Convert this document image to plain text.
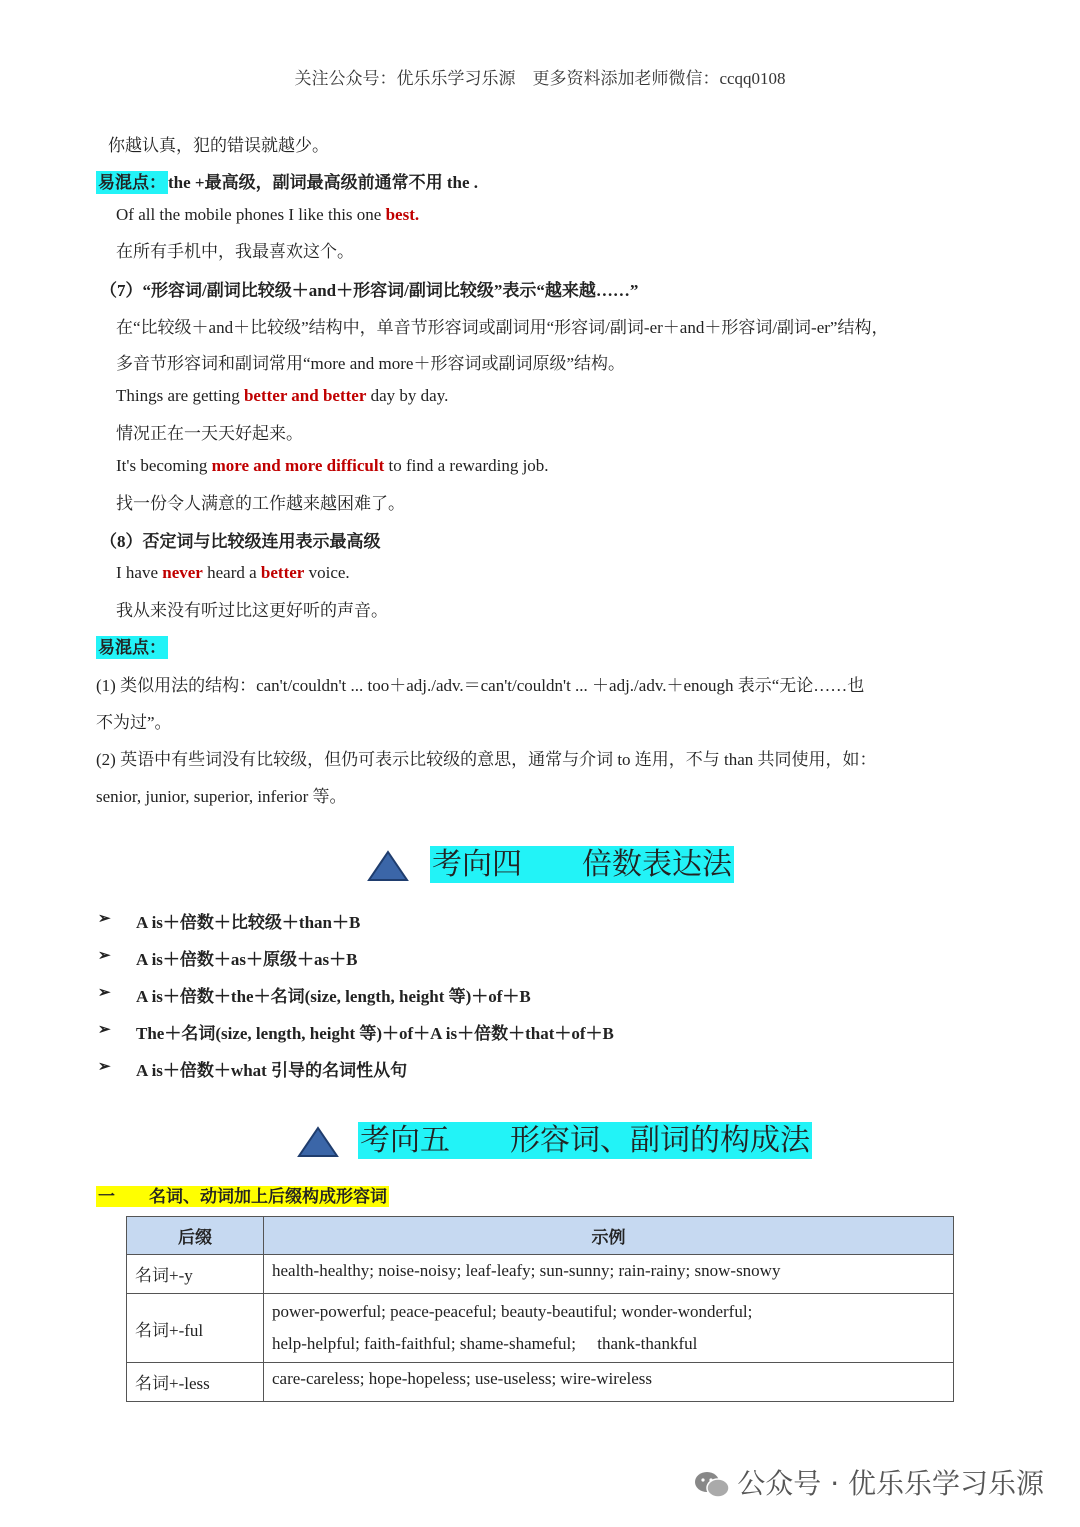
关注公众号：优乐乐学习乐源　更多资料添加老师微信：ccqq0108
你越认真，犯的错误就越少。
易混点： the +最高级，副词最高级前通常不用 the .
Of all the mobile phones I like this one best.
在所有手机中，我最喜欢这个。
（7）“形容词/副词比较级＋and＋形容词/副词比较级”表示“越来越……”
在“比较级＋and＋比较级”结构中，单音节形容词或副词用“形容词/副词-er＋and＋形容词/副词-er”结构，
多音节形容词和副词常用“more and more＋形容词或副词原级”结构。
Things are getting better and better day by day.
情况正在一天天好起来。
It's becoming more and more difficult to find a rewarding job.
找一份令人满意的工作越来越困难了。
（8）否定词与比较级连用表示最高级
I have never heard a better voice.
我从来没有听过比这更好听的声音。
易混点：
(1) 类似用法的结构：can't/couldn't ... too＋adj./adv.＝can't/couldn't ... ＋adj./adv.＋enough 表示“无论……也
不为过”。
(2) 英语中有些词没有比较级，但仍可表示比较级的意思，通常与介词 to 连用，不与 than 共同使用，如：
senior, junior, superior, inferior 等。
考向四　　倍数表达法
➢ A is＋倍数＋比较级＋than＋B
➢ A is＋倍数＋as＋原级＋as＋B
➢ A is＋倍数＋the＋名词(size, length, height 等)＋of＋B
➢ The＋名词(size, length, height 等)＋of＋A is＋倍数＋that＋of＋B
➢ A is＋倍数＋what 引导的名词性从句
考向五　　形容词、副词的构成法
一　　名词、动词加上后缀构成形容词
后缀	示例
名词+-y	health-healthy; noise-noisy; leaf-leafy; sun-sunny; rain-rainy; snow-snowy
名词+-ful	power-powerful; peace-peaceful; beauty-beautiful; wonder-wonderful;
help-helpful; faith-faithful; shame-shameful;　 thank-thankful

名词+-less	care-careless; hope-hopeless; use-useless; wire-wireless
公众号 · 优乐乐学习乐源
